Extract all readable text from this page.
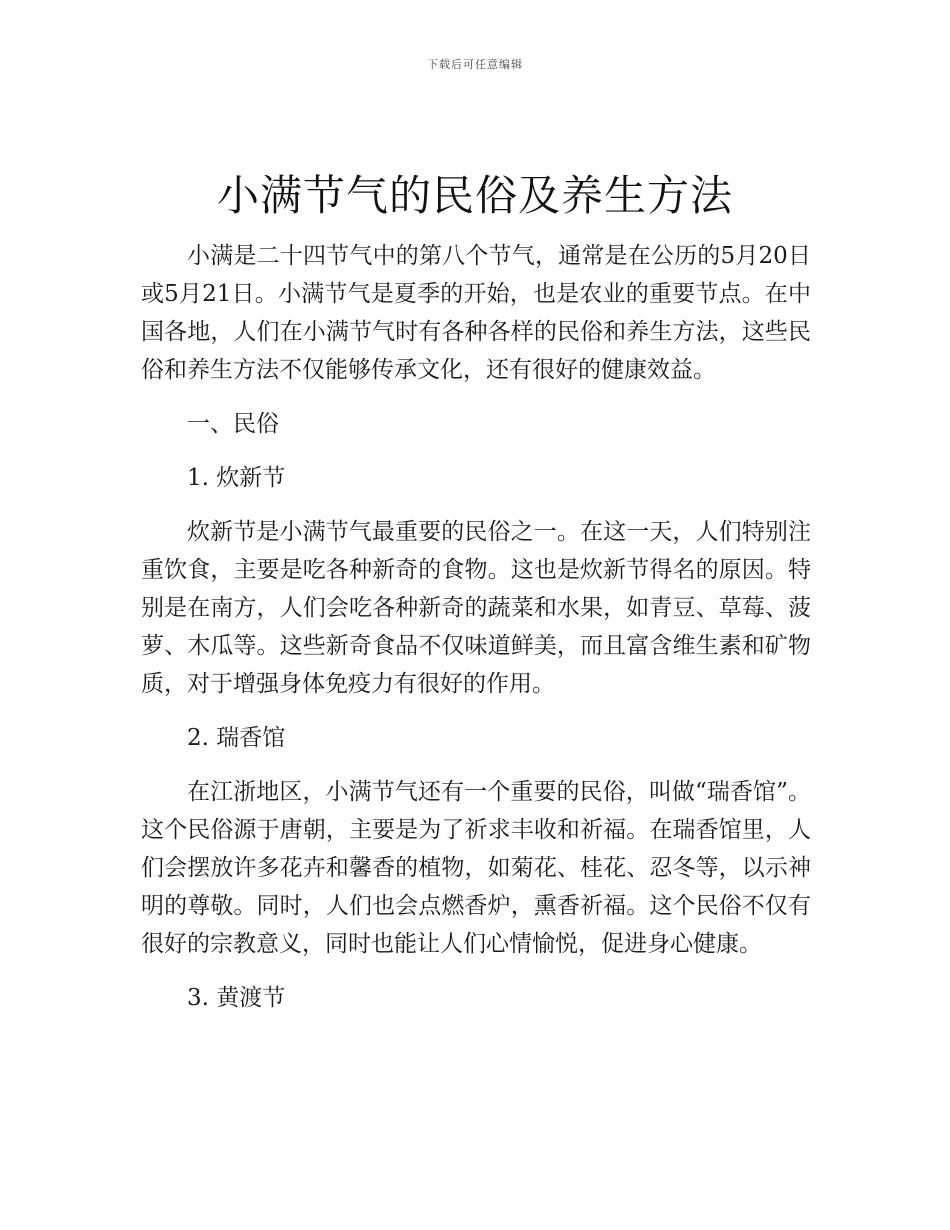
下载后可任意编辑
小满节气的民俗及养生方法

小满是二十四节气中的第八个节气，通常是在公历的5月20日或5月21日。小满节气是夏季的开始，也是农业的重要节点。在中国各地，人们在小满节气时有各种各样的民俗和养生方法，这些民俗和养生方法不仅能够传承文化，还有很好的健康效益。

一、民俗

1. 炊新节

炊新节是小满节气最重要的民俗之一。在这一天，人们特别注重饮食，主要是吃各种新奇的食物。这也是炊新节得名的原因。特别是在南方，人们会吃各种新奇的蔬菜和水果，如青豆、草莓、菠萝、木瓜等。这些新奇食品不仅味道鲜美，而且富含维生素和矿物质，对于增强身体免疫力有很好的作用。

2. 瑞香馆

在江浙地区，小满节气还有一个重要的民俗，叫做“瑞香馆”。这个民俗源于唐朝，主要是为了祈求丰收和祈福。在瑞香馆里，人们会摆放许多花卉和馨香的植物，如菊花、桂花、忍冬等，以示神明的尊敬。同时，人们也会点燃香炉，熏香祈福。这个民俗不仅有很好的宗教意义，同时也能让人们心情愉悦，促进身心健康。

3. 黄渡节
